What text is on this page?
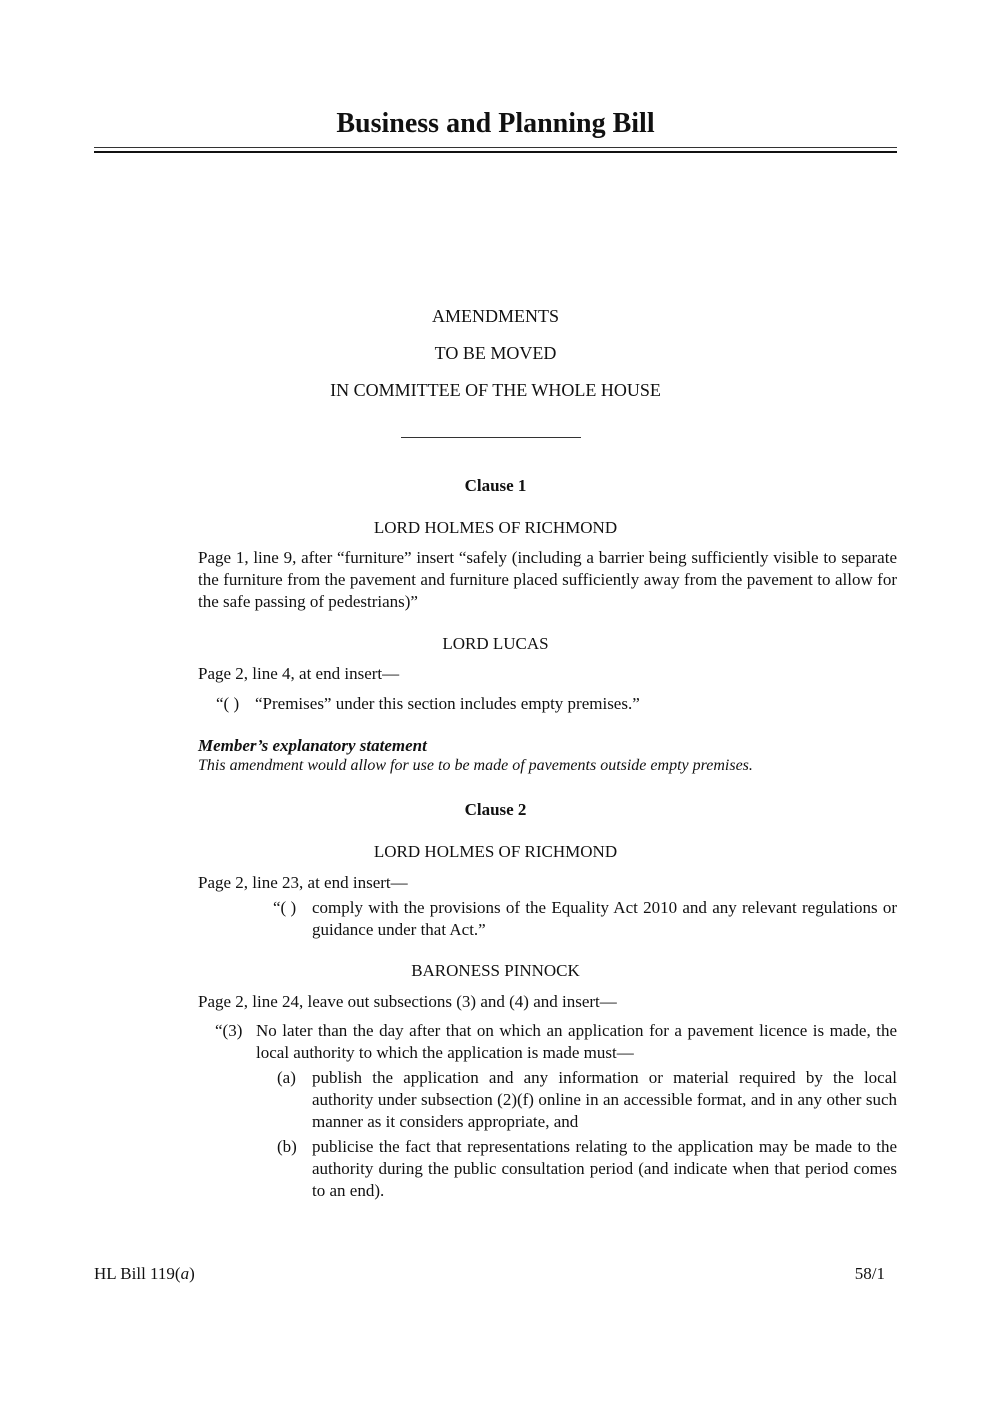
Business and Planning Bill
AMENDMENTS
TO BE MOVED
IN COMMITTEE OF THE WHOLE HOUSE
Clause 1
LORD HOLMES OF RICHMOND
Page 1, line 9, after “furniture” insert “safely (including a barrier being sufficiently visible to separate the furniture from the pavement and furniture placed sufficiently away from the pavement to allow for the safe passing of pedestrians)”
LORD LUCAS
Page 2, line 4, at end insert—
“( ) “Premises” under this section includes empty premises.”
Member’s explanatory statement
This amendment would allow for use to be made of pavements outside empty premises.
Clause 2
LORD HOLMES OF RICHMOND
Page 2, line 23, at end insert—
“( ) comply with the provisions of the Equality Act 2010 and any relevant regulations or guidance under that Act.”
BARONESS PINNOCK
Page 2, line 24, leave out subsections (3) and (4) and insert—
“(3) No later than the day after that on which an application for a pavement licence is made, the local authority to which the application is made must—
(a) publish the application and any information or material required by the local authority under subsection (2)(f) online in an accessible format, and in any other such manner as it considers appropriate, and
(b) publicise the fact that representations relating to the application may be made to the authority during the public consultation period (and indicate when that period comes to an end).
HL Bill 119(a)	58/1
